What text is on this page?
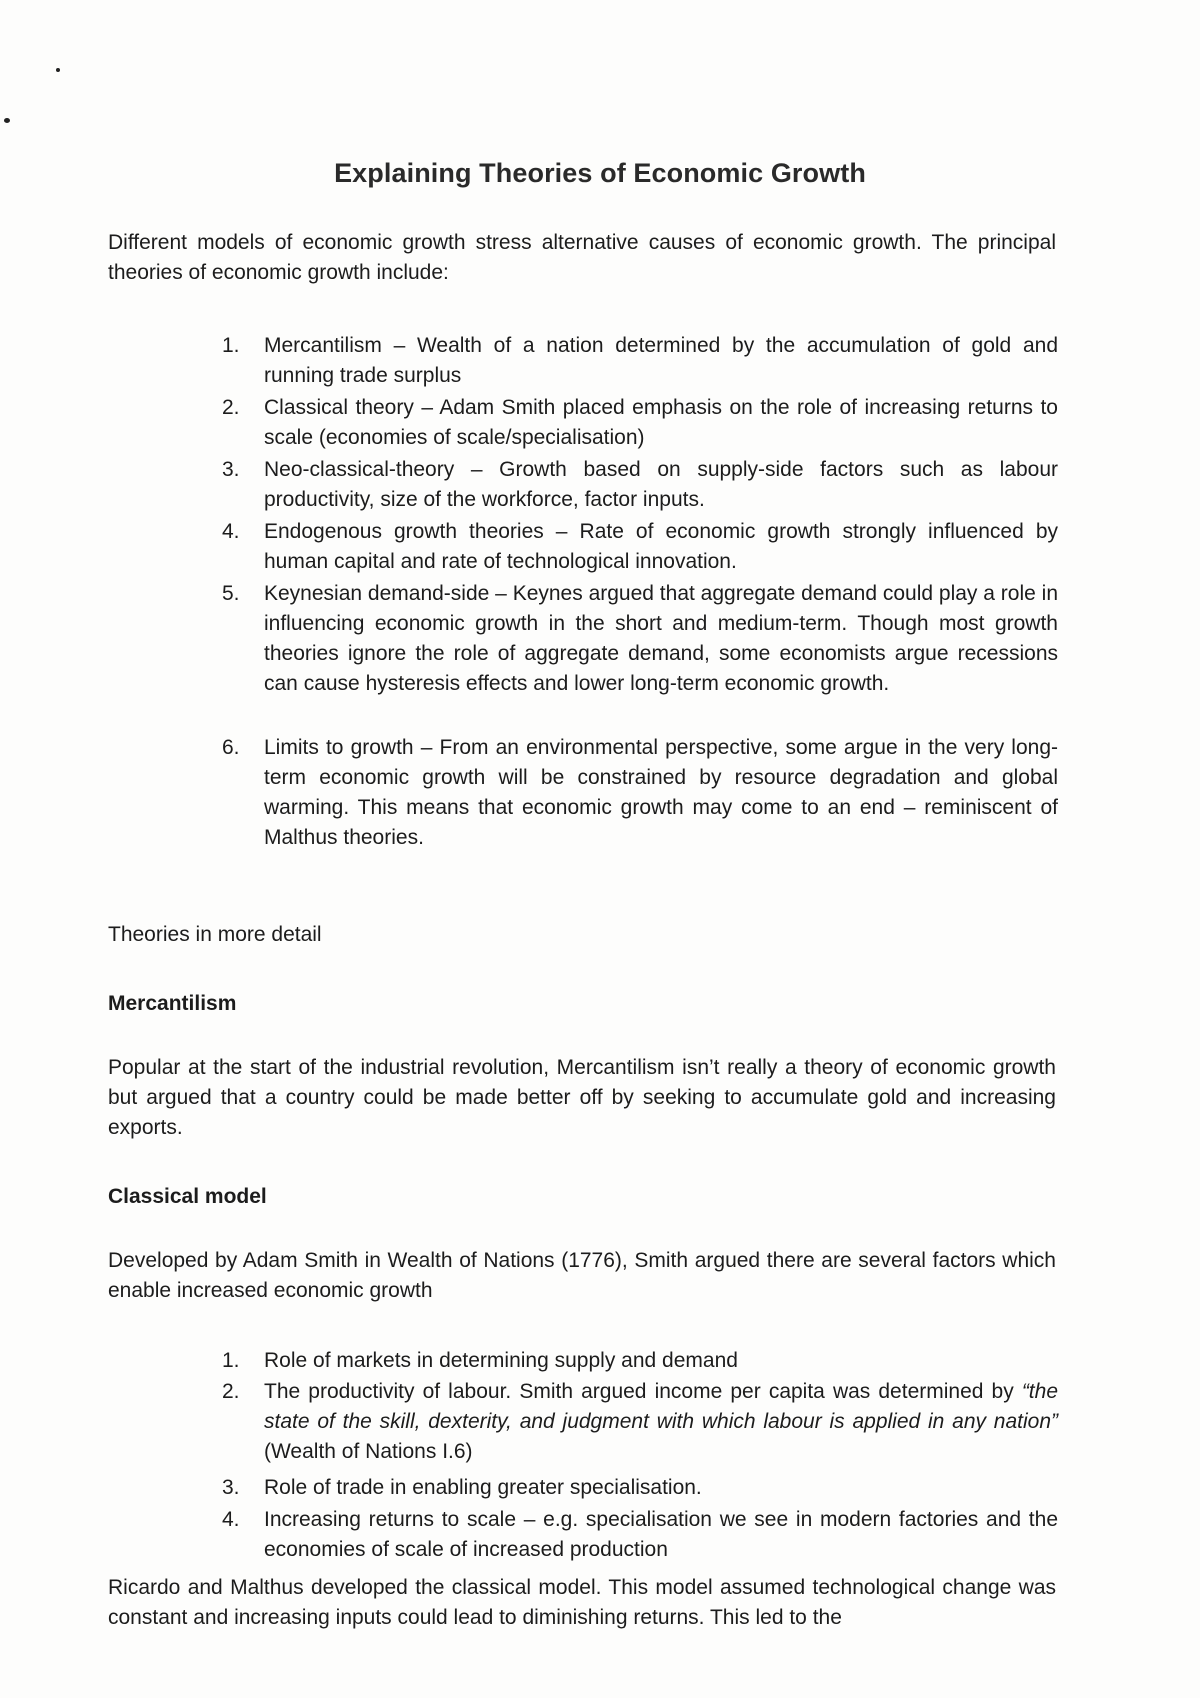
Explaining Theories of Economic Growth
Different models of economic growth stress alternative causes of economic growth. The principal theories of economic growth include:
1. Mercantilism – Wealth of a nation determined by the accumulation of gold and running trade surplus
2. Classical theory – Adam Smith placed emphasis on the role of increasing returns to scale (economies of scale/specialisation)
3. Neo-classical-theory – Growth based on supply-side factors such as labour productivity, size of the workforce, factor inputs.
4. Endogenous growth theories – Rate of economic growth strongly influenced by human capital and rate of technological innovation.
5. Keynesian demand-side – Keynes argued that aggregate demand could play a role in influencing economic growth in the short and medium-term. Though most growth theories ignore the role of aggregate demand, some economists argue recessions can cause hysteresis effects and lower long-term economic growth.
6. Limits to growth – From an environmental perspective, some argue in the very long-term economic growth will be constrained by resource degradation and global warming. This means that economic growth may come to an end – reminiscent of Malthus theories.
Theories in more detail
Mercantilism
Popular at the start of the industrial revolution, Mercantilism isn’t really a theory of economic growth but argued that a country could be made better off by seeking to accumulate gold and increasing exports.
Classical model
Developed by Adam Smith in Wealth of Nations (1776), Smith argued there are several factors which enable increased economic growth
1. Role of markets in determining supply and demand
2. The productivity of labour. Smith argued income per capita was determined by “the state of the skill, dexterity, and judgment with which labour is applied in any nation” (Wealth of Nations I.6)
3. Role of trade in enabling greater specialisation.
4. Increasing returns to scale – e.g. specialisation we see in modern factories and the economies of scale of increased production
Ricardo and Malthus developed the classical model. This model assumed technological change was constant and increasing inputs could lead to diminishing returns. This led to the
